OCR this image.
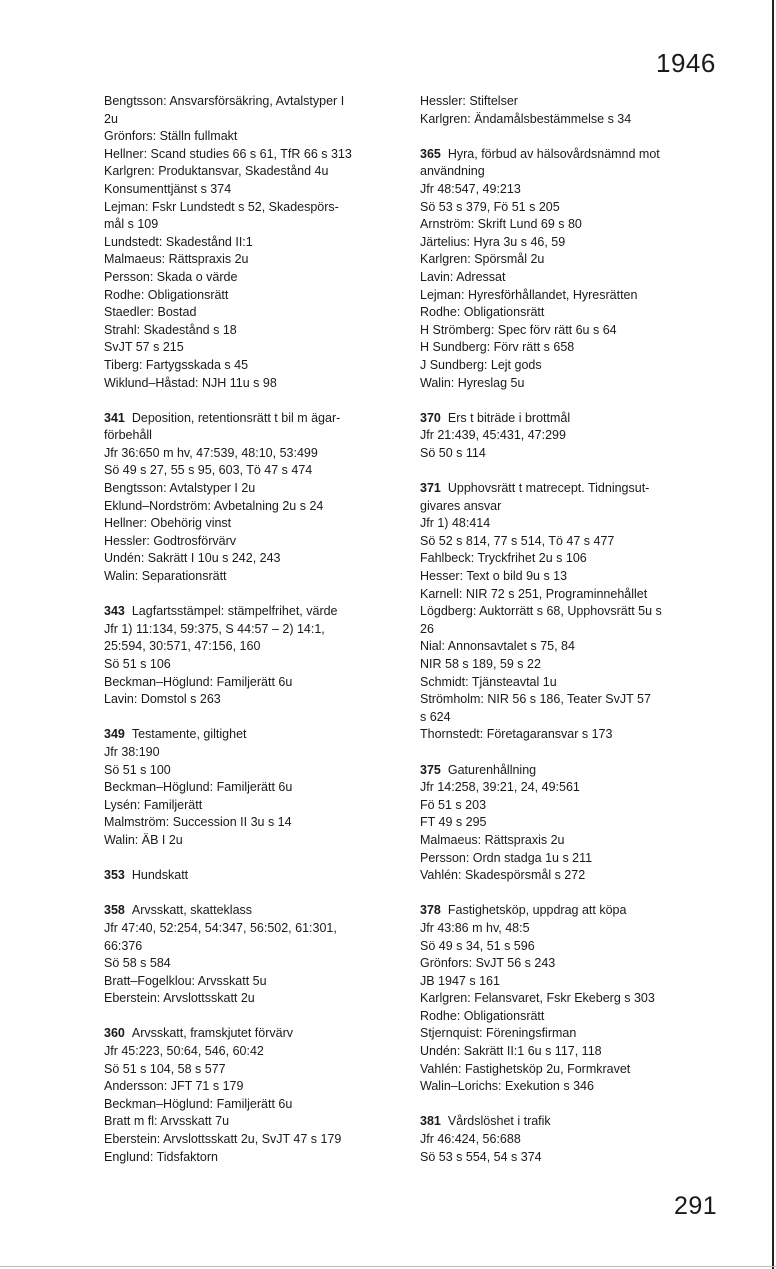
1946
Bengtsson: Ansvarsförsäkring, Avtalstyper I
2u
Grönfors: Ställn fullmakt
Hellner: Scand studies 66 s 61, TfR 66 s 313
Karlgren: Produktansvar, Skadestånd 4u
Konsumenttjänst s 374
Lejman: Fskr Lundstedt s 52, Skadespörs-
mål s 109
Lundstedt: Skadestånd II:1
Malmaeus: Rättspraxis 2u
Persson: Skada o värde
Rodhe: Obligationsrätt
Staedler: Bostad
Strahl: Skadestånd s 18
SvJT 57 s 215
Tiberg: Fartygsskada s 45
Wiklund–Håstad: NJH 11u s 98
341 Deposition, retentionsrätt t bil m ägar-
förbehåll
Jfr 36:650 m hv, 47:539, 48:10, 53:499
Sö 49 s 27, 55 s 95, 603, Tö 47 s 474
Bengtsson: Avtalstyper I 2u
Eklund–Nordström: Avbetalning 2u s 24
Hellner: Obehörig vinst
Hessler: Godtrosförvärv
Undén: Sakrätt I 10u s 242, 243
Walin: Separationsrätt
343 Lagfartsstämpel: stämpelfrihet, värde
Jfr 1) 11:134, 59:375, S 44:57 – 2) 14:1,
25:594, 30:571, 47:156, 160
Sö 51 s 106
Beckman–Höglund: Familjerätt 6u
Lavin: Domstol s 263
349 Testamente, giltighet
Jfr 38:190
Sö 51 s 100
Beckman–Höglund: Familjerätt 6u
Lysén: Familjerätt
Malmström: Succession II 3u s 14
Walin: ÄB I 2u
353 Hundskatt
358 Arvsskatt, skatteklass
Jfr 47:40, 52:254, 54:347, 56:502, 61:301,
66:376
Sö 58 s 584
Bratt–Fogelklou: Arvsskatt 5u
Eberstein: Arvslottsskatt 2u
360 Arvsskatt, framskjutet förvärv
Jfr 45:223, 50:64, 546, 60:42
Sö 51 s 104, 58 s 577
Andersson: JFT 71 s 179
Beckman–Höglund: Familjerätt 6u
Bratt m fl: Arvsskatt 7u
Eberstein: Arvslottsskatt 2u, SvJT 47 s 179
Englund: Tidsfaktorn
Hessler: Stiftelser
Karlgren: Ändamålsbestämmelse s 34
365 Hyra, förbud av hälsovårdsnämnd mot
användning
Jfr 48:547, 49:213
Sö 53 s 379, Fö 51 s 205
Arnström: Skrift Lund 69 s 80
Järtelius: Hyra 3u s 46, 59
Karlgren: Spörsmål 2u
Lavin: Adressat
Lejman: Hyresförhållandet, Hyresrätten
Rodhe: Obligationsrätt
H Strömberg: Spec förv rätt 6u s 64
H Sundberg: Förv rätt s 658
J Sundberg: Lejt gods
Walin: Hyreslag 5u
370 Ers t biträde i brottmål
Jfr 21:439, 45:431, 47:299
Sö 50 s 114
371 Upphovsrätt t matrecept. Tidningsut-
givares ansvar
Jfr 1) 48:414
Sö 52 s 814, 77 s 514, Tö 47 s 477
Fahlbeck: Tryckfrihet 2u s 106
Hesser: Text o bild 9u s 13
Karnell: NIR 72 s 251, Programinnehållet
Lögdberg: Auktorrätt s 68, Upphovsrätt 5u s
26
Nial: Annonsavtalet s 75, 84
NIR 58 s 189, 59 s 22
Schmidt: Tjänsteavtal 1u
Strömholm: NIR 56 s 186, Teater SvJT 57
s 624
Thornstedt: Företagaransvar s 173
375 Gaturenhållning
Jfr 14:258, 39:21, 24, 49:561
Fö 51 s 203
FT 49 s 295
Malmaeus: Rättspraxis 2u
Persson: Ordn stadga 1u s 211
Vahlén: Skadespörsmål s 272
378 Fastighetsköp, uppdrag att köpa
Jfr 43:86 m hv, 48:5
Sö 49 s 34, 51 s 596
Grönfors: SvJT 56 s 243
JB 1947 s 161
Karlgren: Felansvaret, Fskr Ekeberg s 303
Rodhe: Obligationsrätt
Stjernquist: Föreningsfirman
Undén: Sakrätt II:1 6u s 117, 118
Vahlén: Fastighetsköp 2u, Formkravet
Walin–Lorichs: Exekution s 346
381 Vårdslöshet i trafik
Jfr 46:424, 56:688
Sö 53 s 554, 54 s 374
291
